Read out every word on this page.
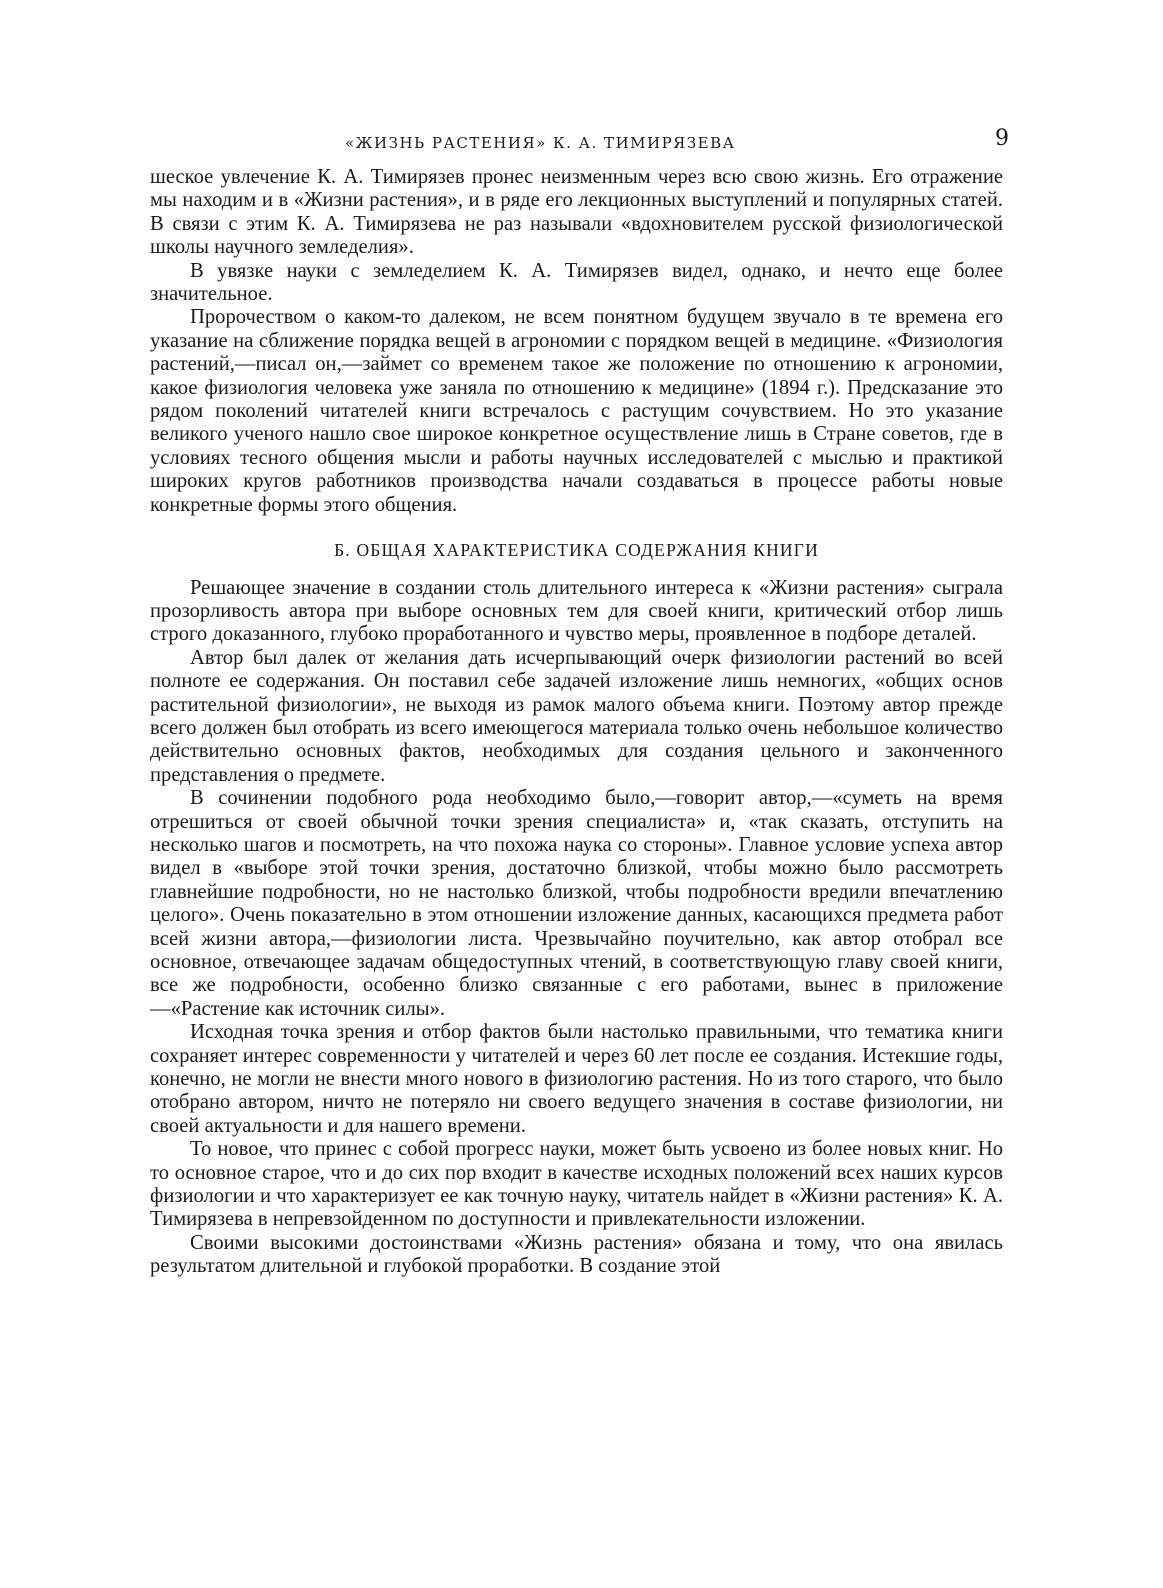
«ЖИЗНЬ РАСТЕНИЯ» К. А. ТИМИРЯЗЕВА	9

шеское увлечение К. А. Тимирязев пронес неизменным через всю свою жизнь. Его отражение мы находим и в «Жизни растения», и в ряде его лекционных выступлений и популярных статей. В связи с этим К. А. Тимирязева не раз называли «вдохновителем русской физиологической школы научного земледелия».

В увязке науки с земледелием К. А. Тимирязев видел, однако, и нечто еще более значительное.

Пророчеством о каком-то далеком, не всем понятном будущем звучало в те времена его указание на сближение порядка вещей в агрономии с порядком вещей в медицине. «Физиология растений,—писал он,—займет со временем такое же положение по отношению к агрономии, какое физиология человека уже заняла по отношению к медицине» (1894 г.). Предсказание это рядом поколений читателей книги встречалось с растущим сочувствием. Но это указание великого ученого нашло свое широкое конкретное осуществление лишь в Стране советов, где в условиях тесного общения мысли и работы научных исследователей с мыслью и практикой широких кругов работников производства начали создаваться в процессе работы новые конкретные формы этого общения.

Б. ОБЩАЯ ХАРАКТЕРИСТИКА СОДЕРЖАНИЯ КНИГИ

Решающее значение в создании столь длительного интереса к «Жизни растения» сыграла прозорливость автора при выборе основных тем для своей книги, критический отбор лишь строго доказанного, глубоко проработанного и чувство меры, проявленное в подборе деталей.

Автор был далек от желания дать исчерпывающий очерк физиологии растений во всей полноте ее содержания. Он поставил себе задачей изложение лишь немногих, «общих основ растительной физиологии», не выходя из рамок малого объема книги. Поэтому автор прежде всего должен был отобрать из всего имеющегося материала только очень небольшое количество действительно основных фактов, необходимых для создания цельного и законченного представления о предмете.

В сочинении подобного рода необходимо было,—говорит автор,—«суметь на время отрешиться от своей обычной точки зрения специалиста» и, «так сказать, отступить на несколько шагов и посмотреть, на что похожа наука со стороны». Главное условие успеха автор видел в «выборе этой точки зрения, достаточно близкой, чтобы можно было рассмотреть главнейшие подробности, но не настолько близкой, чтобы подробности вредили впечатлению целого». Очень показательно в этом отношении изложение данных, касающихся предмета работ всей жизни автора,—физиологии листа. Чрезвычайно поучительно, как автор отобрал все основное, отвечающее задачам общедоступных чтений, в соответствующую главу своей книги, все же подробности, особенно близко связанные с его работами, вынес в приложение—«Растение как источник силы».

Исходная точка зрения и отбор фактов были настолько правильными, что тематика книги сохраняет интерес современности у читателей и через 60 лет после ее создания. Истекшие годы, конечно, не могли не внести много нового в физиологию растения. Но из того старого, что было отобрано автором, ничто не потеряло ни своего ведущего значения в составе физиологии, ни своей актуальности и для нашего времени.

То новое, что принес с собой прогресс науки, может быть усвоено из более новых книг. Но то основное старое, что и до сих пор входит в качестве исходных положений всех наших курсов физиологии и что характеризует ее как точную науку, читатель найдет в «Жизни растения» К. А. Тимирязева в непревзойденном по доступности и привлекательности изложении.

Своими высокими достоинствами «Жизнь растения» обязана и тому, что она явилась результатом длительной и глубокой проработки. В создание этой
